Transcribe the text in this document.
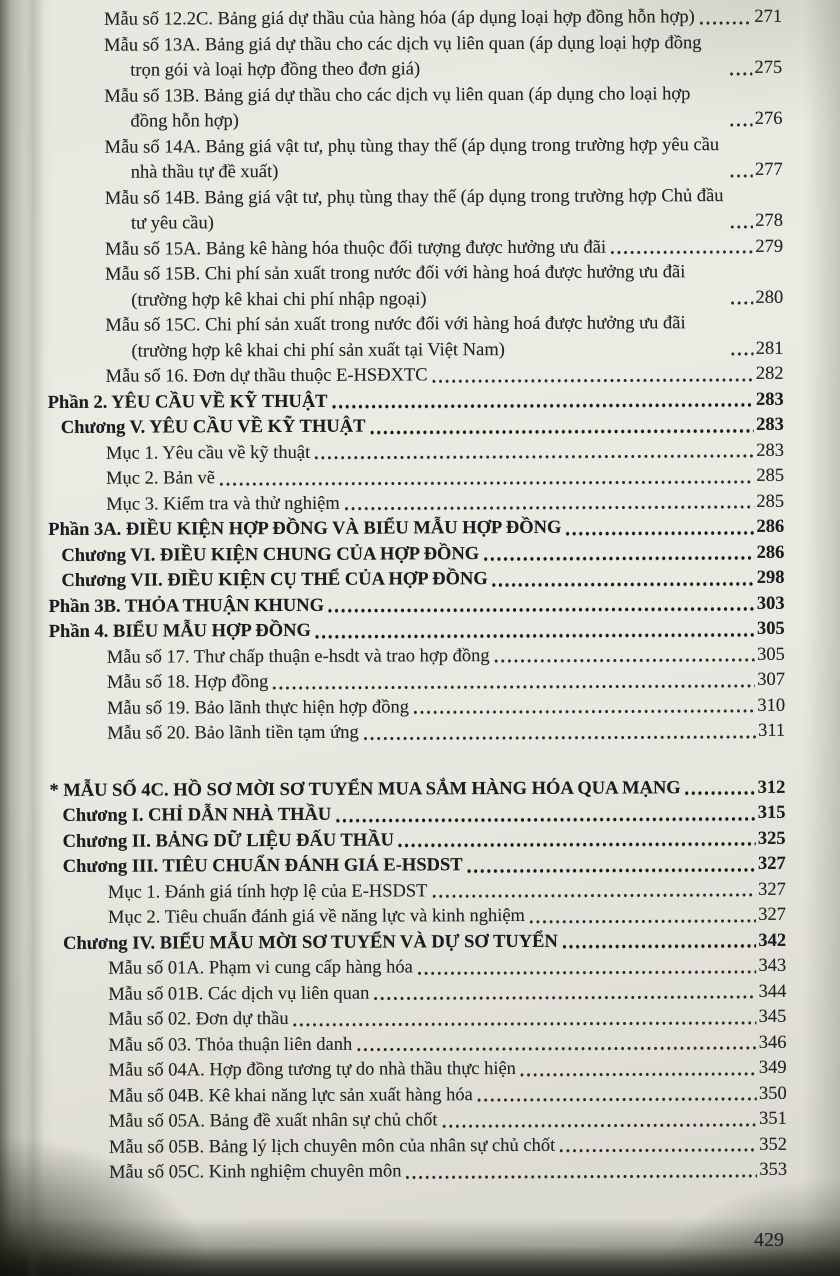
Mẫu số 12.2C. Bảng giá dự thầu của hàng hóa (áp dụng loại hợp đồng hỗn hợp)	271
Mẫu số 13A. Bảng giá dự thầu cho các dịch vụ liên quan (áp dụng loại hợp đồng trọn gói và loại hợp đồng theo đơn giá)	275
Mẫu số 13B. Bảng giá dự thầu cho các dịch vụ liên quan (áp dụng cho loại hợp đồng hỗn hợp)	276
Mẫu số 14A. Bảng giá vật tư, phụ tùng thay thế (áp dụng trong trường hợp yêu cầu nhà thầu tự đề xuất)	277
Mẫu số 14B. Bảng giá vật tư, phụ tùng thay thế (áp dụng trong trường hợp Chủ đầu tư yêu cầu)	278
Mẫu số 15A. Bảng kê hàng hóa thuộc đối tượng được hưởng ưu đãi	279
Mẫu số 15B. Chi phí sản xuất trong nước đối với hàng hoá được hưởng ưu đãi (trường hợp kê khai chi phí nhập ngoại)	280
Mẫu số 15C. Chi phí sản xuất trong nước đối với hàng hoá được hưởng ưu đãi (trường hợp kê khai chi phí sản xuất tại Việt Nam)	281
Mẫu số 16. Đơn dự thầu thuộc E-HSĐXTC	282
Phần 2. YÊU CẦU VỀ KỸ THUẬT	283
Chương V. YÊU CẦU VỀ KỸ THUẬT	283
Mục 1. Yêu cầu về kỹ thuật	283
Mục 2. Bản vẽ	285
Mục 3. Kiểm tra và thử nghiệm	285
Phần 3A. ĐIỀU KIỆN HỢP ĐỒNG VÀ BIỂU MẪU HỢP ĐỒNG	286
Chương VI. ĐIỀU KIỆN CHUNG CỦA HỢP ĐỒNG	286
Chương VII. ĐIỀU KIỆN CỤ THỂ CỦA HỢP ĐỒNG	298
Phần 3B. THỎA THUẬN KHUNG	303
Phần 4. BIỂU MẪU HỢP ĐỒNG	305
Mẫu số 17. Thư chấp thuận e-hsdt và trao hợp đồng	305
Mẫu số 18. Hợp đồng	307
Mẫu số 19. Bảo lãnh thực hiện hợp đồng	310
Mẫu số 20. Bảo lãnh tiền tạm ứng	311
* MẪU SỐ 4C. HỒ SƠ MỜI SƠ TUYỂN MUA SẮM HÀNG HÓA QUA MẠNG	312
Chương I. CHỈ DẪN NHÀ THẦU	315
Chương II. BẢNG DỮ LIỆU ĐẤU THẦU	325
Chương III. TIÊU CHUẨN ĐÁNH GIÁ E-HSDST	327
Mục 1. Đánh giá tính hợp lệ của E-HSDST	327
Mục 2. Tiêu chuẩn đánh giá về năng lực và kinh nghiệm	327
Chương IV. BIỂU MẪU MỜI SƠ TUYỂN VÀ DỰ SƠ TUYỂN	342
Mẫu số 01A. Phạm vi cung cấp hàng hóa	343
Mẫu số 01B. Các dịch vụ liên quan	344
Mẫu số 02. Đơn dự thầu	345
Mẫu số 03. Thỏa thuận liên danh	346
Mẫu số 04A. Hợp đồng tương tự do nhà thầu thực hiện	349
Mẫu số 04B. Kê khai năng lực sản xuất hàng hóa	350
Mẫu số 05A. Bảng đề xuất nhân sự chủ chốt	351
Mẫu số 05B. Bảng lý lịch chuyên môn của nhân sự chủ chốt	352
Mẫu số 05C. Kinh nghiệm chuyên môn	353
429
